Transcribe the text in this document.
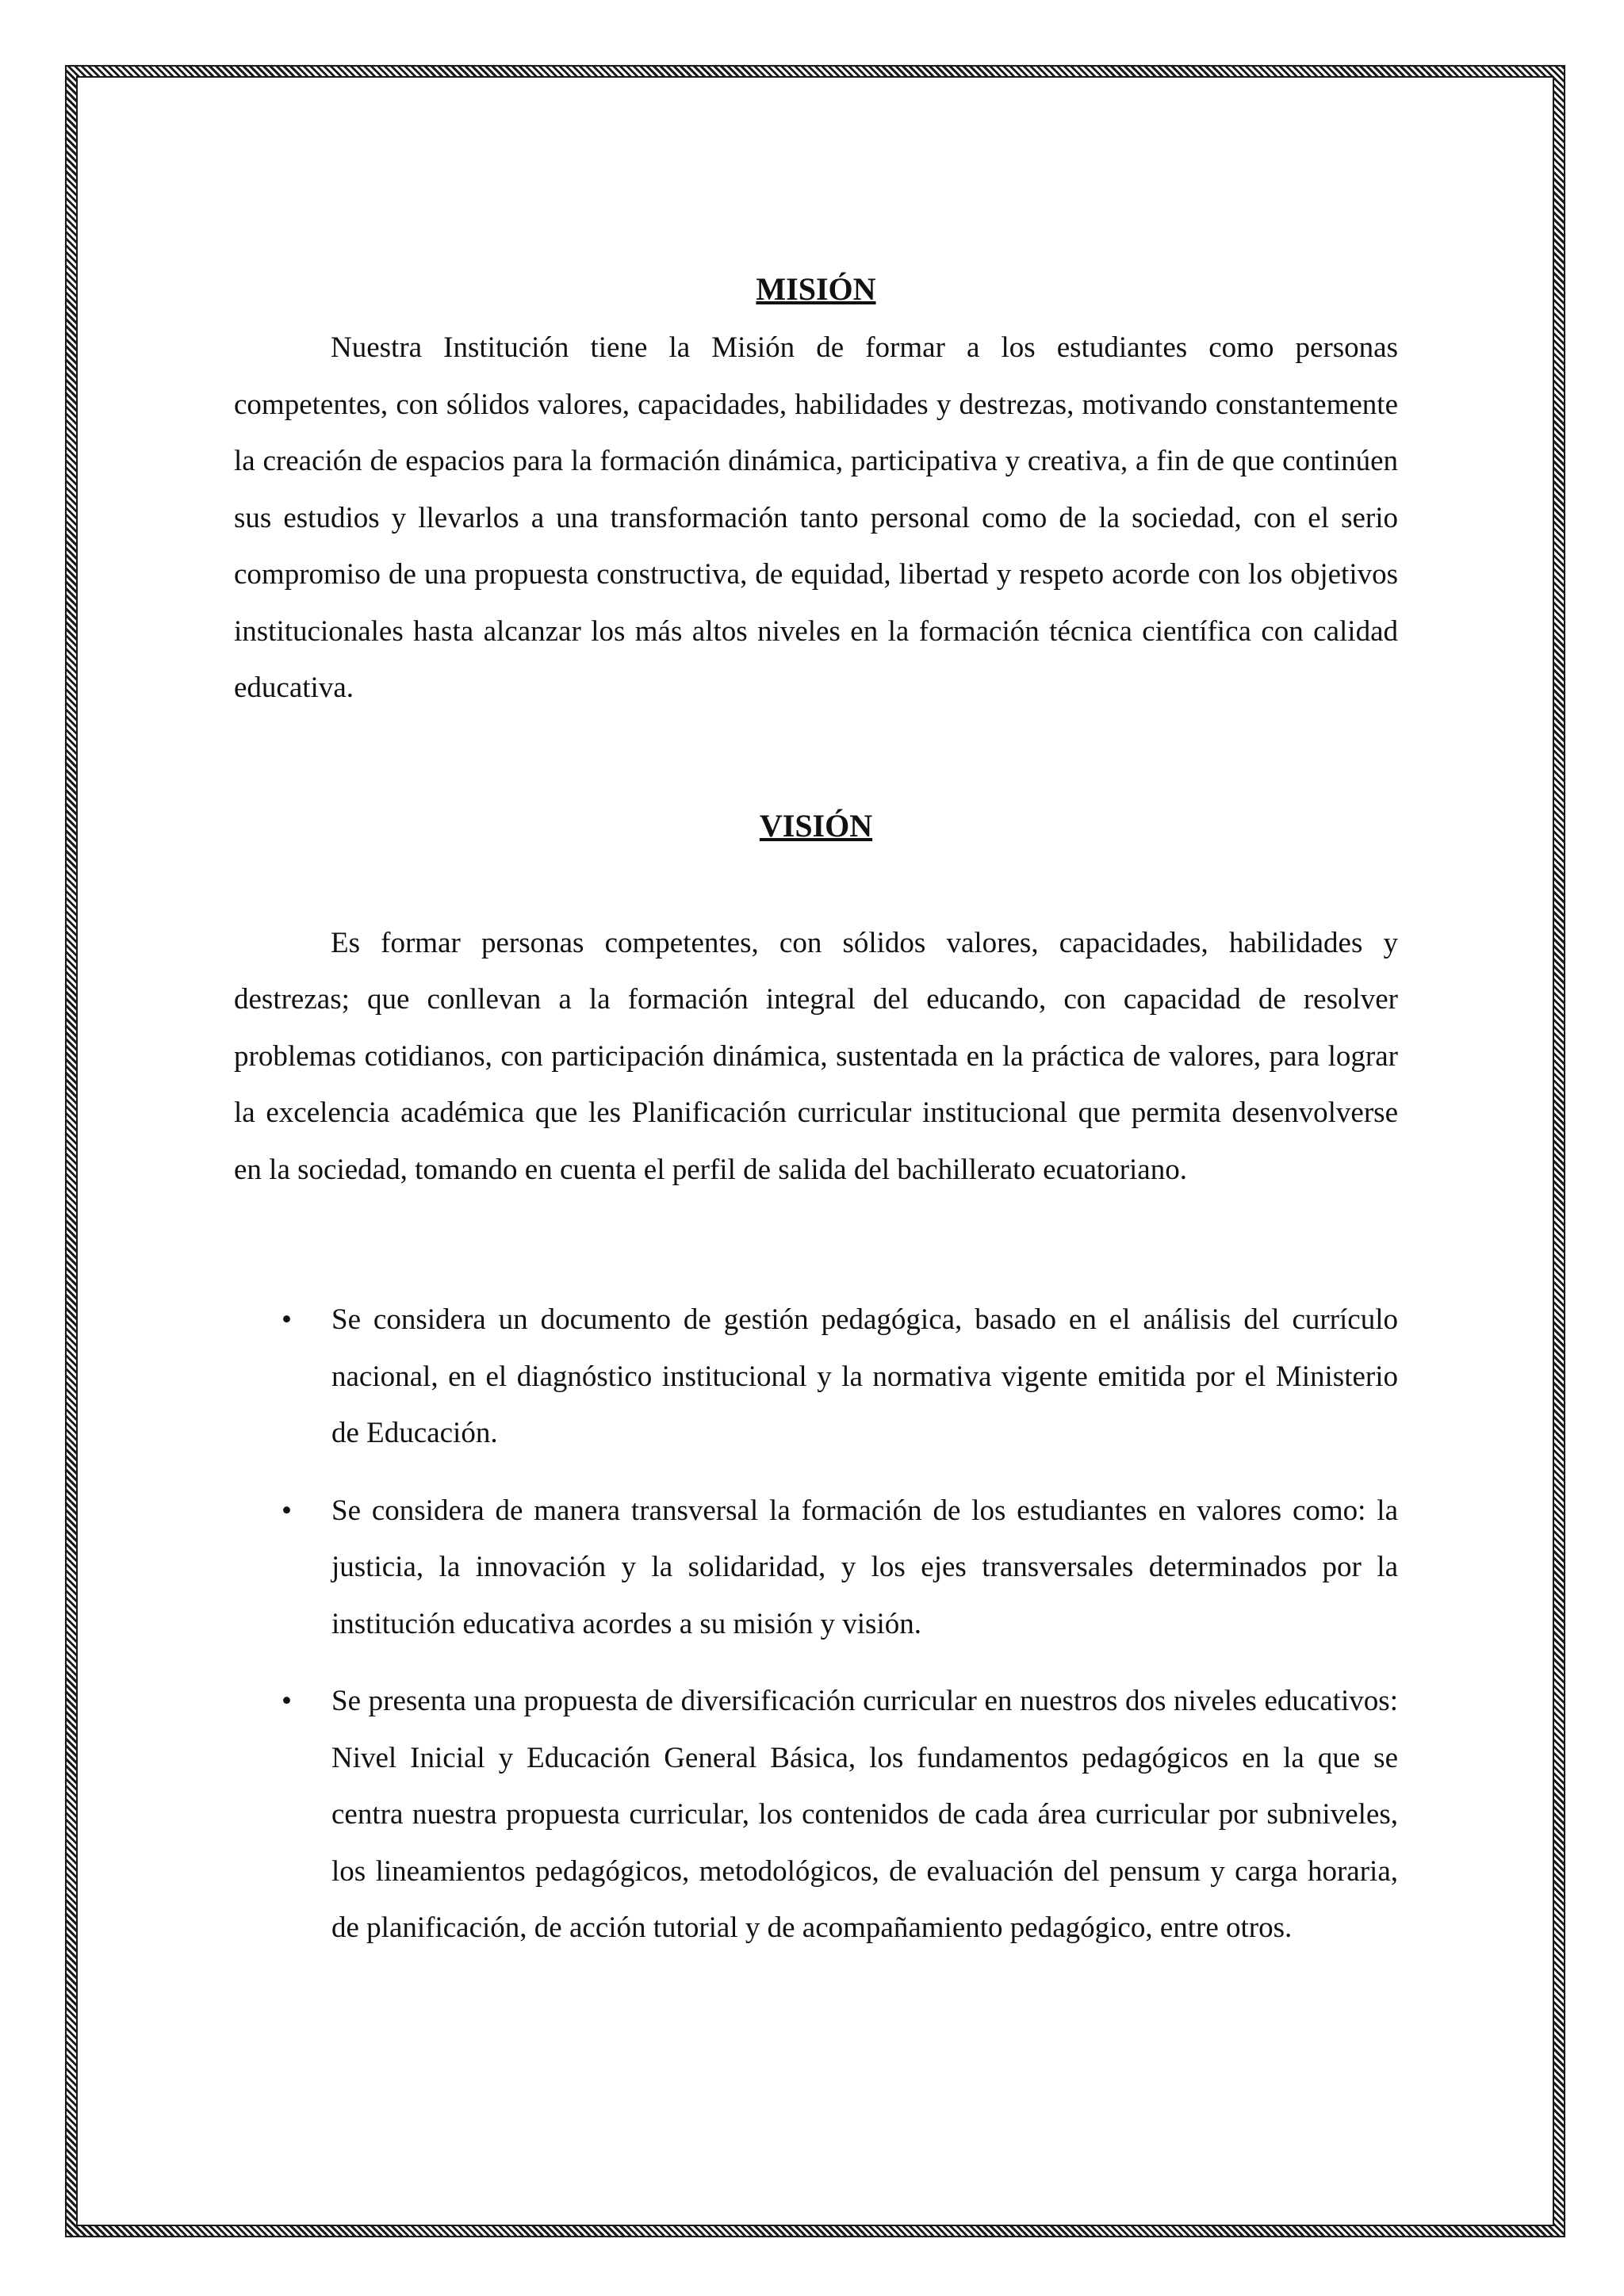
MISIÓN

Nuestra Institución tiene la Misión de formar a los estudiantes como personas competentes, con sólidos valores, capacidades, habilidades y destrezas, motivando constantemente la creación de espacios para la formación dinámica, participativa y creativa, a fin de que continúen sus estudios y llevarlos a una transformación tanto personal como de la sociedad, con el serio compromiso de una propuesta constructiva, de equidad, libertad y respeto acorde con los objetivos institucionales hasta alcanzar los más altos niveles en la formación técnica científica con calidad educativa.

VISIÓN

Es formar personas competentes, con sólidos valores, capacidades, habilidades y destrezas; que conllevan a la formación integral del educando, con capacidad de resolver problemas cotidianos, con participación dinámica, sustentada en la práctica de valores, para lograr la excelencia académica que les Planificación curricular institucional que permita desenvolverse en la sociedad, tomando en cuenta el perfil de salida del bachillerato ecuatoriano.

• Se considera un documento de gestión pedagógica, basado en el análisis del currículo nacional, en el diagnóstico institucional y la normativa vigente emitida por el Ministerio de Educación.
• Se considera de manera transversal la formación de los estudiantes en valores como: la justicia, la innovación y la solidaridad, y los ejes transversales determinados por la institución educativa acordes a su misión y visión.
• Se presenta una propuesta de diversificación curricular en nuestros dos niveles educativos: Nivel Inicial y Educación General Básica, los fundamentos pedagógicos en la que se centra nuestra propuesta curricular, los contenidos de cada área curricular por subniveles, los lineamientos pedagógicos, metodológicos, de evaluación del pensum y carga horaria, de planificación, de acción tutorial y de acompañamiento pedagógico, entre otros.
